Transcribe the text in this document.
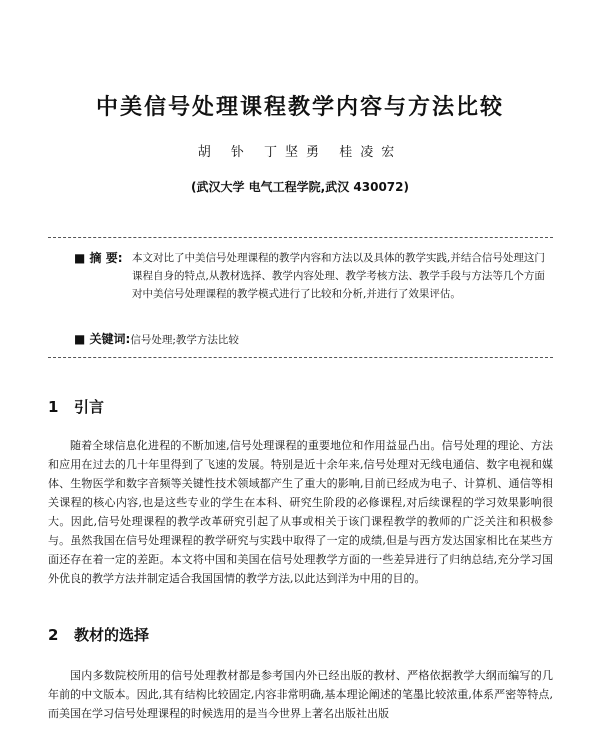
中美信号处理课程教学内容与方法比较
胡 钋 丁坚勇 桂凌宏
(武汉大学 电气工程学院,武汉 430072)
■ 摘 要: 本文对比了中美信号处理课程的教学内容和方法以及具体的教学实践,并结合信号处理这门课程自身的特点,从教材选择、教学内容处理、教学考核方法、教学手段与方法等几个方面对中美信号处理课程的教学模式进行了比较和分析,并进行了效果评估。
■ 关键词:信号处理;教学方法比较
1 引言
随着全球信息化进程的不断加速,信号处理课程的重要地位和作用益显凸出。信号处理的理论、方法和应用在过去的几十年里得到了飞速的发展。特别是近十余年来,信号处理对无线电通信、数字电视和媒体、生物医学和数字音频等关键性技术领域都产生了重大的影响,目前已经成为电子、计算机、通信等相关课程的核心内容,也是这些专业的学生在本科、研究生阶段的必修课程,对后续课程的学习效果影响很大。因此,信号处理课程的教学改革研究引起了从事或相关于该门课程教学的教师的广泛关注和积极参与。虽然我国在信号处理课程的教学研究与实践中取得了一定的成绩,但是与西方发达国家相比在某些方面还存在着一定的差距。本文将中国和美国在信号处理教学方面的一些差异进行了归纳总结,充分学习国外优良的教学方法并制定适合我国国情的教学方法,以此达到洋为中用的目的。
2 教材的选择
国内多数院校所用的信号处理教材都是参考国内外已经出版的教材、严格依据教学大纲而编写的几年前的中文版本。因此,其有结构比较固定,内容非常明确,基本理论阐述的笔墨比较浓重,体系严密等特点,而美国在学习信号处理课程的时候选用的是当今世界上著名出版社出版
